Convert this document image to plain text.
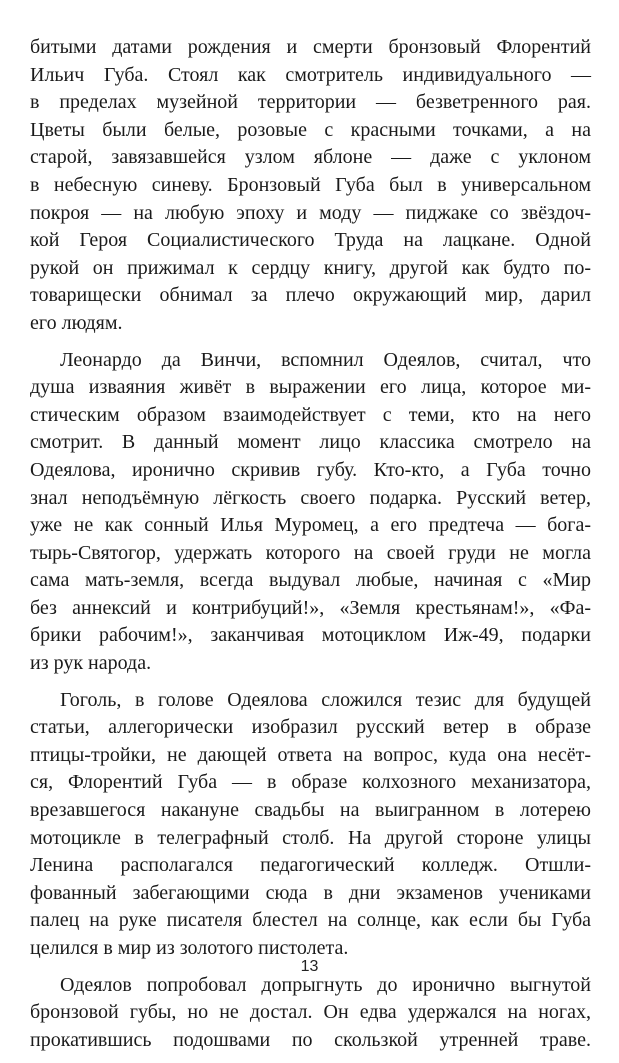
битыми датами рождения и смерти бронзовый Флорентий
Ильич Губа. Стоял как смотритель индивидуального —
в пределах музейной территории — безветренного рая.
Цветы были белые, розовые с красными точками, а на
старой, завязавшейся узлом яблоне — даже с уклоном
в небесную синеву. Бронзовый Губа был в универсальном
покроя — на любую эпоху и моду — пиджаке со звёздоч-
кой Героя Социалистического Труда на лацкане. Одной
рукой он прижимал к сердцу книгу, другой как будто по-
товарищески обнимал за плечо окружающий мир, дарил
его людям.

Леонардо да Винчи, вспомнил Одеялов, считал, что
душа изваяния живёт в выражении его лица, которое ми-
стическим образом взаимодействует с теми, кто на него
смотрит. В данный момент лицо классика смотрело на
Одеялова, иронично скривив губу. Кто-кто, а Губа точно
знал неподъёмную лёгкость своего подарка. Русский ветер,
уже не как сонный Илья Муромец, а его предтеча — бога-
тырь-Святогор, удержать которого на своей груди не могла
сама мать-земля, всегда выдувал любые, начиная с «Мир
без аннексий и контрибуций!», «Земля крестьянам!», «Фа-
брики рабочим!», заканчивая мотоциклом Иж-49, подарки
из рук народа.

Гоголь, в голове Одеялова сложился тезис для будущей
статьи, аллегорически изобразил русский ветер в образе
птицы-тройки, не дающей ответа на вопрос, куда она несёт-
ся, Флорентий Губа — в образе колхозного механизатора,
врезавшегося накануне свадьбы на выигранном в лотерею
мотоцикле в телеграфный столб. На другой стороне улицы
Ленина располагался педагогический колледж. Отшли-
фованный забегающими сюда в дни экзаменов учениками
палец на руке писателя блестел на солнце, как если бы Губа
целился в мир из золотого пистолета.

Одеялов попробовал допрыгнуть до иронично выгнутой
бронзовой губы, но не достал. Он едва удержался на ногах,
прокатившись подошвами по скользкой утренней траве.

13
